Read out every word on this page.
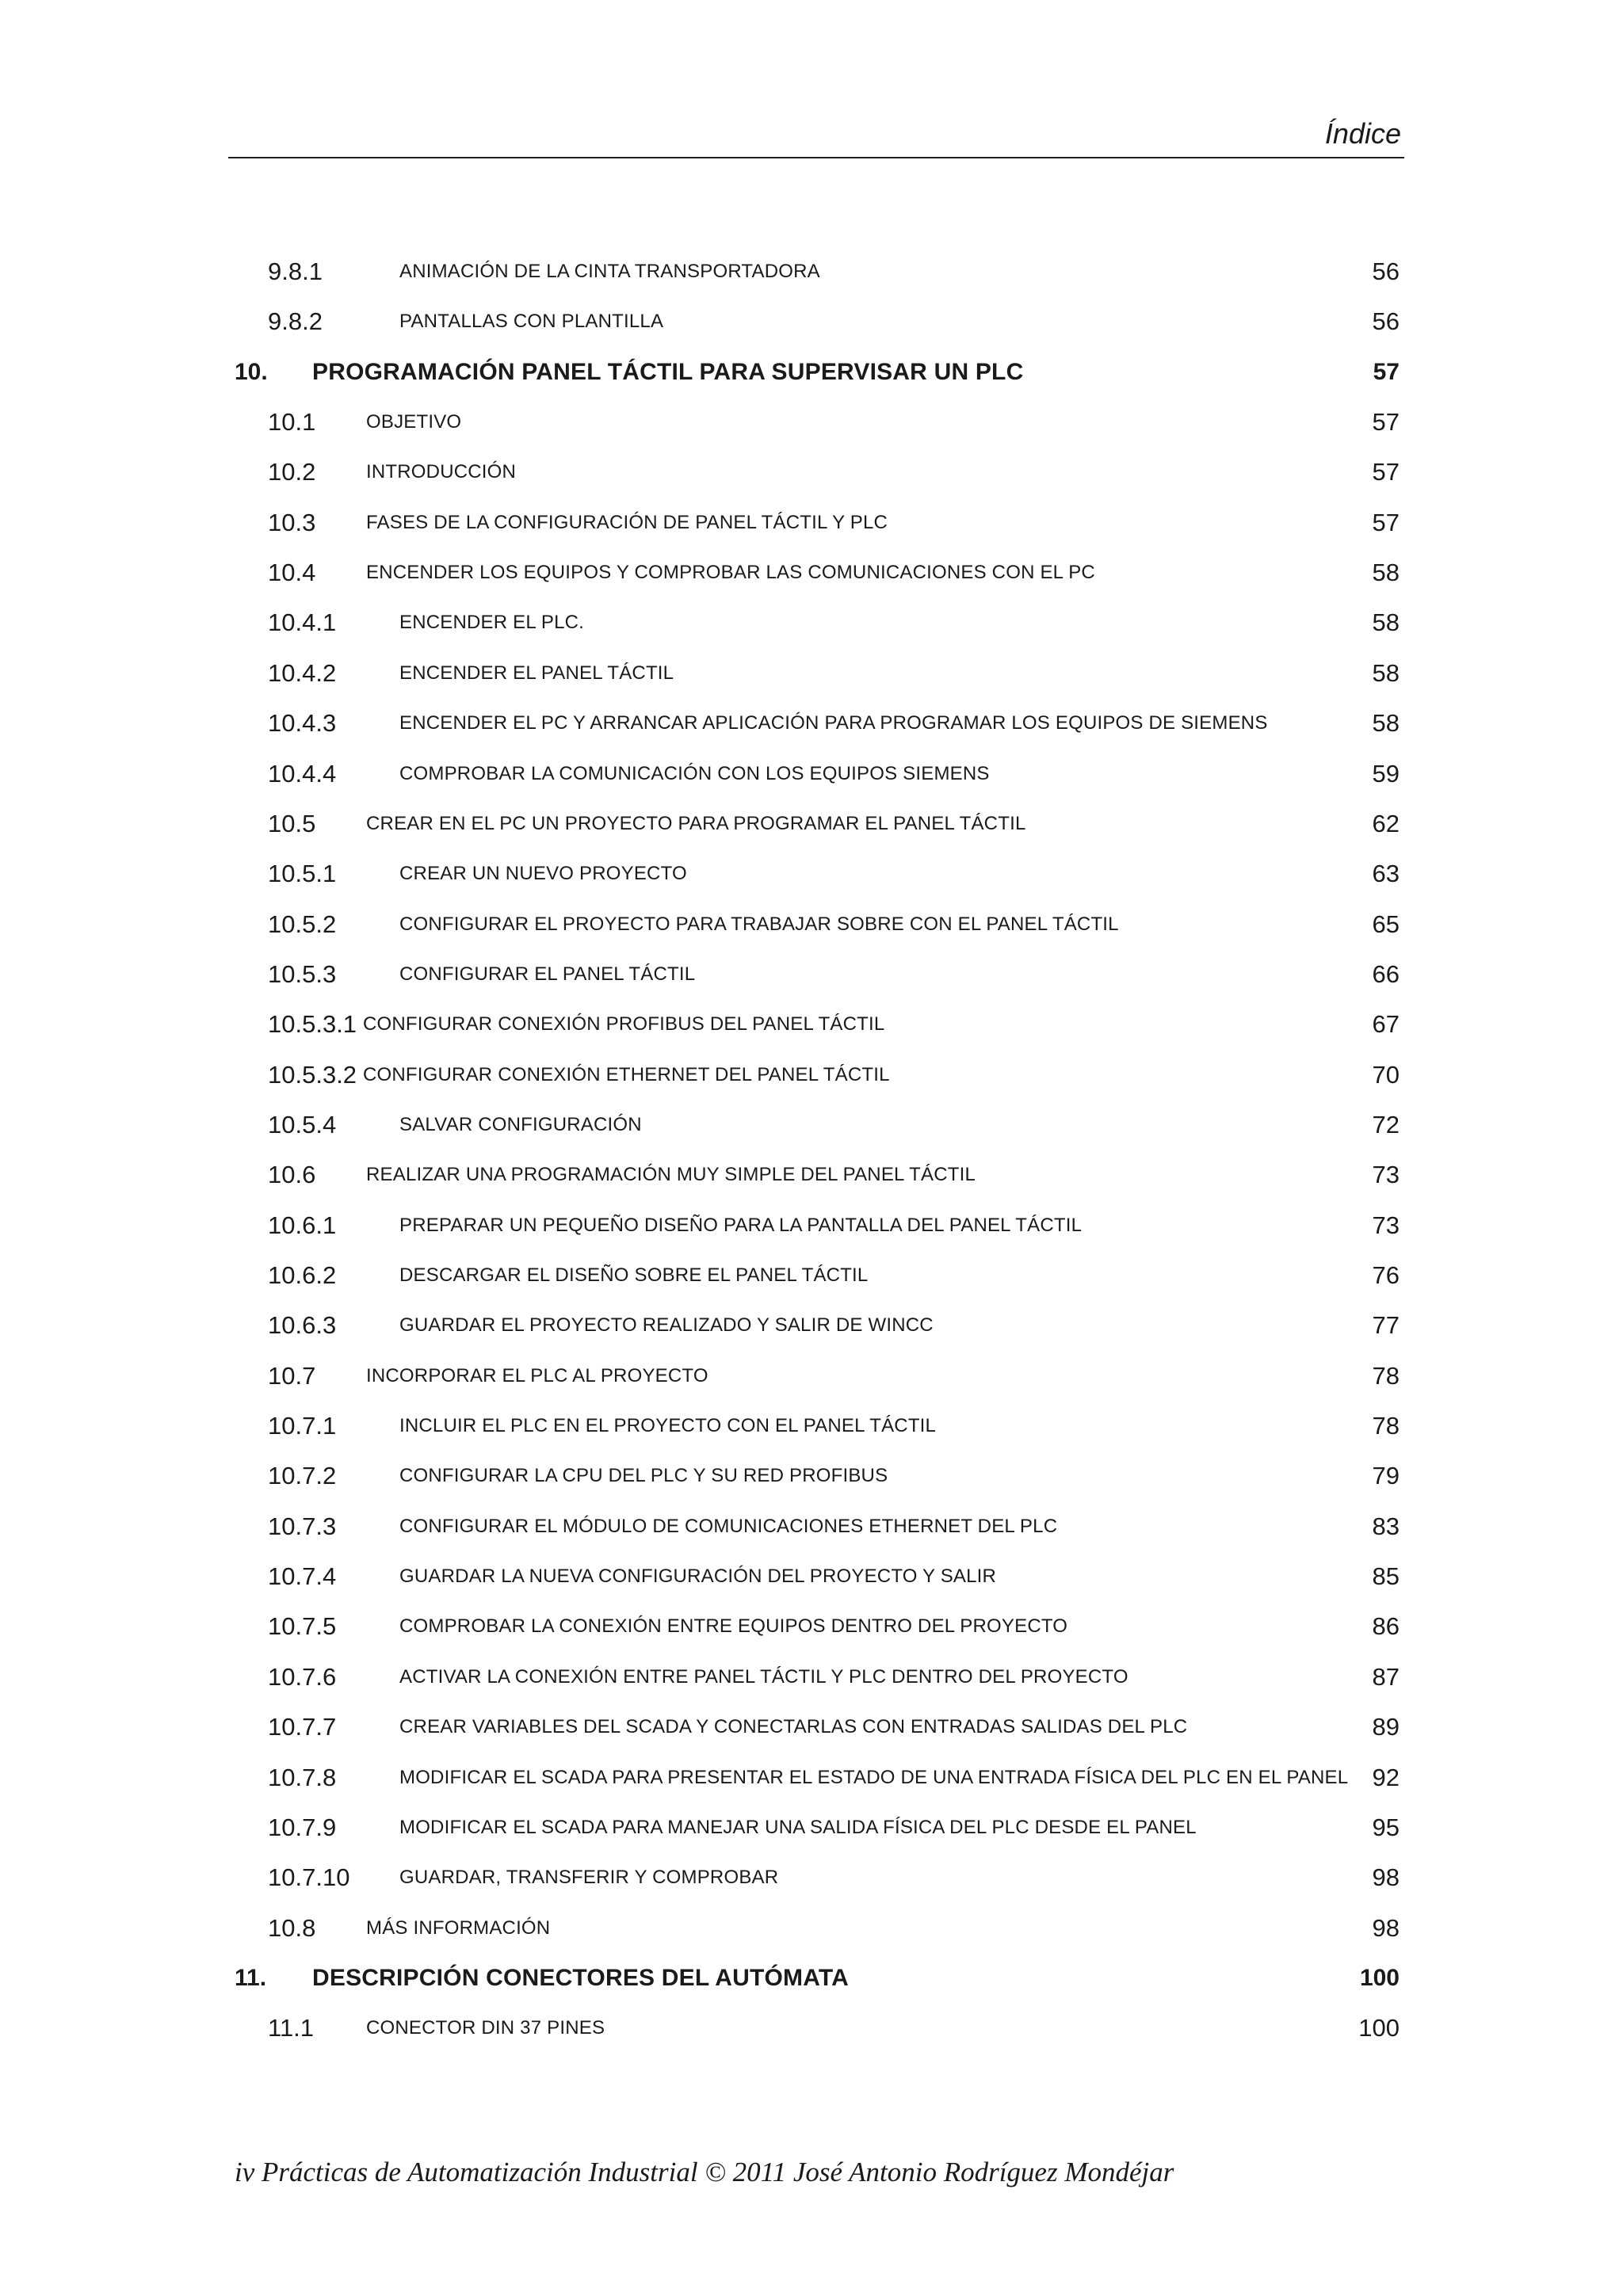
Índice
9.8.1	ANIMACIÓN DE LA CINTA TRANSPORTADORA	56
9.8.2	PANTALLAS CON PLANTILLA	56
10. PROGRAMACIÓN PANEL TÁCTIL PARA SUPERVISAR UN PLC	57
10.1	OBJETIVO	57
10.2	INTRODUCCIÓN	57
10.3	FASES DE LA CONFIGURACIÓN DE PANEL TÁCTIL Y PLC	57
10.4	ENCENDER LOS EQUIPOS Y COMPROBAR LAS COMUNICACIONES CON EL PC	58
10.4.1	ENCENDER EL PLC.	58
10.4.2	ENCENDER EL PANEL TÁCTIL	58
10.4.3	ENCENDER EL PC Y ARRANCAR APLICACIÓN PARA PROGRAMAR LOS EQUIPOS DE SIEMENS	58
10.4.4	COMPROBAR LA COMUNICACIÓN CON LOS EQUIPOS SIEMENS	59
10.5	CREAR EN EL PC UN PROYECTO PARA PROGRAMAR EL PANEL TÁCTIL	62
10.5.1	CREAR UN NUEVO PROYECTO	63
10.5.2	CONFIGURAR EL PROYECTO PARA TRABAJAR SOBRE CON EL PANEL TÁCTIL	65
10.5.3	CONFIGURAR EL PANEL TÁCTIL	66
10.5.3.1 CONFIGURAR CONEXIÓN PROFIBUS DEL PANEL TÁCTIL	67
10.5.3.2 CONFIGURAR CONEXIÓN ETHERNET DEL PANEL TÁCTIL	70
10.5.4	SALVAR CONFIGURACIÓN	72
10.6	REALIZAR UNA PROGRAMACIÓN MUY SIMPLE DEL PANEL TÁCTIL	73
10.6.1	PREPARAR UN PEQUEÑO DISEÑO PARA LA PANTALLA DEL PANEL TÁCTIL	73
10.6.2	DESCARGAR EL DISEÑO SOBRE EL PANEL TÁCTIL	76
10.6.3	GUARDAR EL PROYECTO REALIZADO Y SALIR DE WINCC	77
10.7	INCORPORAR EL PLC AL PROYECTO	78
10.7.1	INCLUIR EL PLC EN EL PROYECTO CON EL PANEL TÁCTIL	78
10.7.2	CONFIGURAR LA CPU DEL PLC Y SU RED PROFIBUS	79
10.7.3	CONFIGURAR EL MÓDULO DE COMUNICACIONES ETHERNET DEL PLC	83
10.7.4	GUARDAR LA NUEVA CONFIGURACIÓN DEL PROYECTO Y SALIR	85
10.7.5	COMPROBAR LA CONEXIÓN ENTRE EQUIPOS DENTRO DEL PROYECTO	86
10.7.6	ACTIVAR LA CONEXIÓN ENTRE PANEL TÁCTIL Y PLC DENTRO DEL PROYECTO	87
10.7.7	CREAR VARIABLES DEL SCADA Y CONECTARLAS CON ENTRADAS SALIDAS DEL PLC	89
10.7.8	MODIFICAR EL SCADA PARA PRESENTAR EL ESTADO DE UNA ENTRADA FÍSICA DEL PLC EN EL PANEL 92
10.7.9	MODIFICAR EL SCADA PARA MANEJAR UNA SALIDA FÍSICA DEL PLC DESDE EL PANEL	95
10.7.10	GUARDAR, TRANSFERIR Y COMPROBAR	98
10.8	MÁS INFORMACIÓN	98
11. DESCRIPCIÓN CONECTORES DEL AUTÓMATA	100
11.1	CONECTOR DIN 37 PINES	100
iv Prácticas de Automatización Industrial © 2011 José Antonio Rodríguez Mondéjar
